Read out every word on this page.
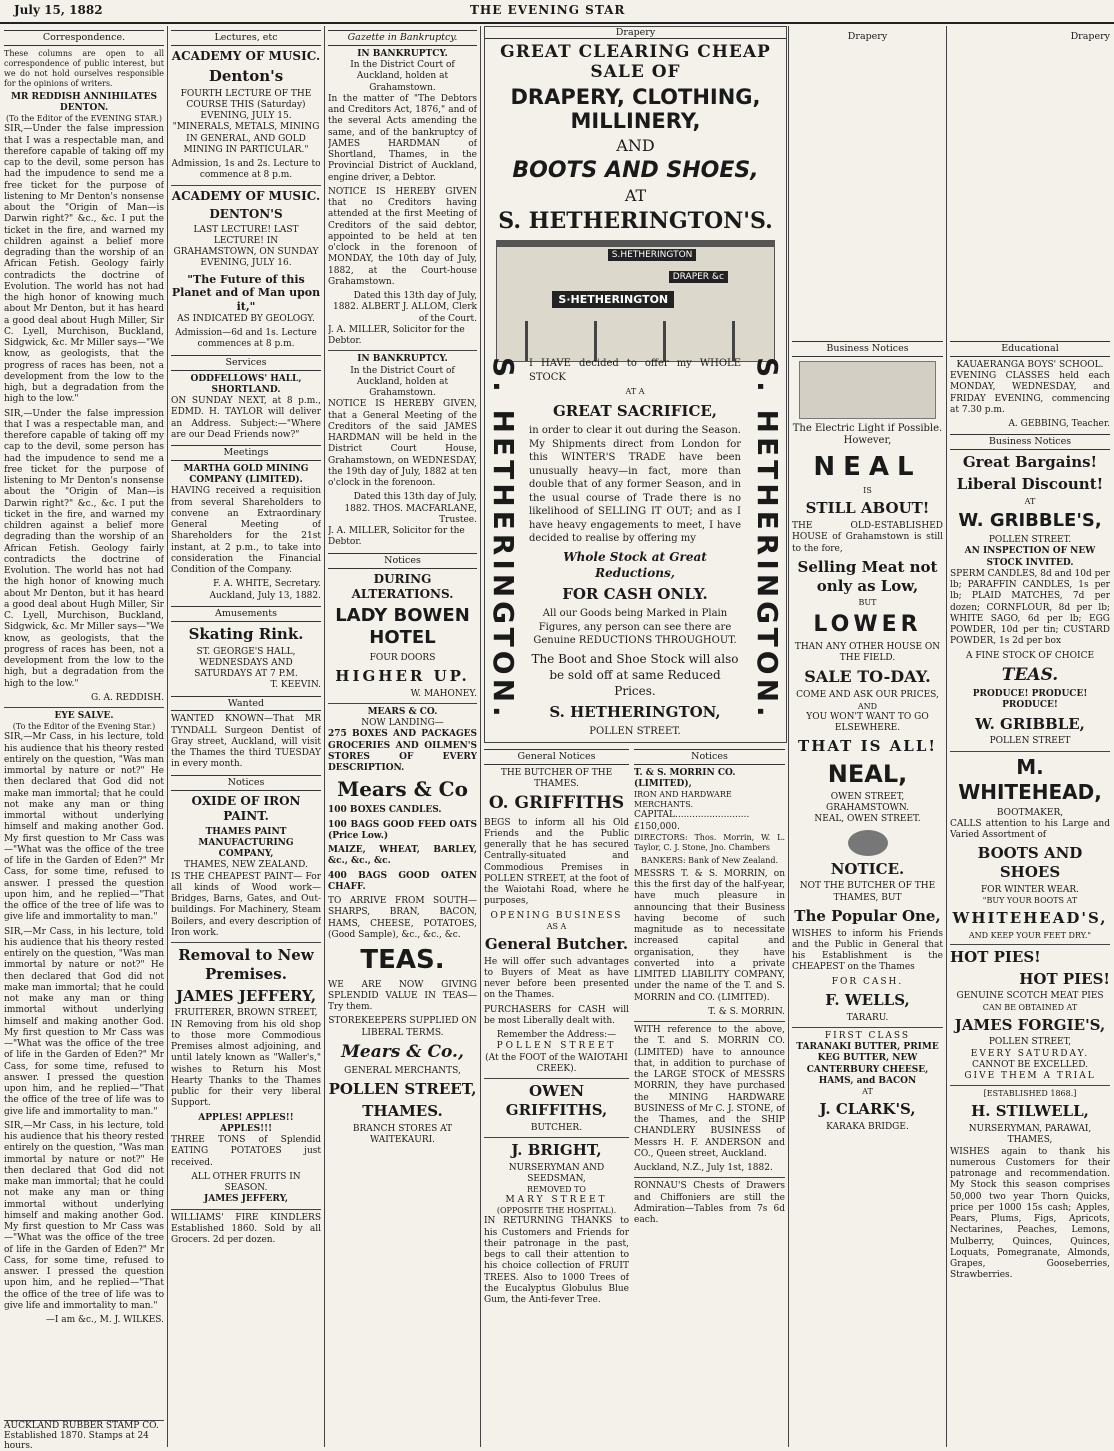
July 15, 1882	THE EVENING STAR
Correspondence.

These columns are open to all correspondence of public interest, but we do not hold ourselves responsible for the opinions of writers.

MR REDDISH ANNIHILATES DENTON.
(To the Editor of the EVENING STAR.)

SIR,—Under the false impression that I was a respectable man, and therefore capable of taking off my cap to the devil, some person has had the impudence to send me a free ticket for the purpose of listening to Mr Denton's nonsense about the "Origin of Man—is Darwin right?" &c., &c. I put the ticket in the fire, and warned my children against a belief more degrading than the worship of an African Fetish. Geology fairly contradicts the doctrine of Evolution. The world has not had the high honor of knowing much about Mr Denton, but it has heard a good deal about Hugh Miller, Sir C. Lyell, Murchison, Buckland, Sidgwick, &c. Mr Miller says—"We know, as geologists, that the progress of races has been, not a development from the low to the high, but a degradation from the high to the low."

SIR,—Under the false impression that I was a respectable man, and therefore capable of taking off my cap to the devil, some person has had the impudence to send me a free ticket for the purpose of listening to Mr Denton's nonsense about the "Origin of Man—is Darwin right?" &c., &c. I put the ticket in the fire, and warned my children against a belief more degrading than the worship of an African Fetish. Geology fairly contradicts the doctrine of Evolution. The world has not had the high honor of knowing much about Mr Denton, but it has heard a good deal about Hugh Miller, Sir C. Lyell, Murchison, Buckland, Sidgwick, &c. Mr Miller says—"We know, as geologists, that the progress of races has been, not a development from the low to the high, but a degradation from the high to the low."

G. A. REDDISH.
EYE SALVE.
(To the Editor of the Evening Star.)

SIR,—Mr Cass, in his lecture, told his audience that his theory rested entirely on the question, "Was man immortal by nature or not?" He then declared that God did not make man immortal; that he could not make any man or thing immortal without underlying himself and making another God. My first question to Mr Cass was—"What was the office of the tree of life in the Garden of Eden?" Mr Cass, for some time, refused to answer. I pressed the question upon him, and he replied—"That the office of the tree of life was to give life and immortality to man."

SIR,—Mr Cass, in his lecture, told his audience that his theory rested entirely on the question, "Was man immortal by nature or not?" He then declared that God did not make man immortal; that he could not make any man or thing immortal without underlying himself and making another God. My first question to Mr Cass was—"What was the office of the tree of life in the Garden of Eden?" Mr Cass, for some time, refused to answer. I pressed the question upon him, and he replied—"That the office of the tree of life was to give life and immortality to man."

SIR,—Mr Cass, in his lecture, told his audience that his theory rested entirely on the question, "Was man immortal by nature or not?" He then declared that God did not make man immortal; that he could not make any man or thing immortal without underlying himself and making another God. My first question to Mr Cass was—"What was the office of the tree of life in the Garden of Eden?" Mr Cass, for some time, refused to answer. I pressed the question upon him, and he replied—"That the office of the tree of life was to give life and immortality to man."

—I am &c., M. J. WILKES.
AUCKLAND RUBBER STAMP CO. Established 1870. Stamps at 24 hours.
Lectures, etc
ACADEMY OF MUSIC.
Denton's

FOURTH LECTURE OF THE COURSE THIS (Saturday) EVENING, JULY 15. "MINERALS, METALS, MINING IN GENERAL, AND GOLD MINING IN PARTICULAR."

Admission, 1s and 2s. Lecture to commence at 8 p.m.

ACADEMY OF MUSIC.
DENTON'S

LAST LECTURE! LAST LECTURE! IN GRAHAMSTOWN, ON SUNDAY EVENING, JULY 16.

"The Future of this Planet and of Man upon it,"

AS INDICATED BY GEOLOGY.

Admission—6d and 1s. Lecture commences at 8 p.m.

Services
ODDFELLOWS' HALL, SHORTLAND.

ON SUNDAY NEXT, at 8 p.m., EDMD. H. TAYLOR will deliver an Address. Subject:—"Where are our Dead Friends now?"

Meetings
MARTHA GOLD MINING COMPANY (LIMITED).

HAVING received a requisition from several Shareholders to convene an Extraordinary General Meeting of Shareholders for the 21st instant, at 2 p.m., to take into consideration the Financial Condition of the Company.

F. A. WHITE, Secretary. Auckland, July 13, 1882.
Amusements
Skating Rink.
ST. GEORGE'S HALL,
WEDNESDAYS AND SATURDAYS AT 7 P.M.
T. KEEVIN.
Wanted

WANTED KNOWN—That MR TYNDALL Surgeon Dentist of Gray street, Auckland, will visit the Thames the third TUESDAY in every month.

Notices
OXIDE OF IRON PAINT.
THAMES PAINT MANUFACTURING COMPANY,
THAMES, NEW ZEALAND.

IS THE CHEAPEST PAINT— For all kinds of Wood work—Bridges, Barns, Gates, and Out-buildings. For Machinery, Steam Boilers, and every description of Iron work.

Removal to New Premises.
JAMES JEFFERY,
FRUITERER, BROWN STREET,

IN Removing from his old shop to those more Commodious Premises almost adjoining, and until lately known as "Waller's," wishes to Return his Most Hearty Thanks to the Thames public for their very liberal Support.

APPLES! APPLES!! APPLES!!!

THREE TONS of Splendid EATING POTATOES just received.

ALL OTHER FRUITS IN SEASON.
JAMES JEFFERY,

WILLIAMS' FIRE KINDLERS Established 1860. Sold by all Grocers. 2d per dozen.

Gazette in Bankruptcy.
IN BANKRUPTCY.
In the District Court of Auckland, holden at Grahamstown.

In the matter of "The Debtors and Creditors Act, 1876," and of the several Acts amending the same, and of the bankruptcy of JAMES HARDMAN of Shortland, Thames, in the Provincial District of Auckland, engine driver, a Debtor.

NOTICE IS HEREBY GIVEN that no Creditors having attended at the first Meeting of Creditors of the said debtor, appointed to be held at ten o'clock in the forenoon of MONDAY, the 10th day of July, 1882, at the Court-house Grahamstown.

Dated this 13th day of July, 1882. ALBERT J. ALLOM, Clerk of the Court.
J. A. MILLER, Solicitor for the Debtor.
IN BANKRUPTCY.
In the District Court of Auckland, holden at Grahamstown.

NOTICE IS HEREBY GIVEN, that a General Meeting of the Creditors of the said JAMES HARDMAN will be held in the District Court House, Grahamstown, on WEDNESDAY, the 19th day of July, 1882 at ten o'clock in the forenoon.

Dated this 13th day of July, 1882. THOS. MACFARLANE, Trustee.
J. A. MILLER, Solicitor for the Debtor.
Notices
DURING ALTERATIONS.
LADY BOWEN HOTEL
FOUR DOORS
HIGHER UP.
W. MAHONEY.
MEARS & CO.
NOW LANDING—

275 BOXES AND PACKAGES GROCERIES AND OILMEN'S STORES OF EVERY DESCRIPTION.

Mears & Co

100 BOXES CANDLES.

100 BAGS GOOD FEED OATS (Price Low.)

MAIZE, WHEAT, BARLEY, &c., &c., &c.

400 BAGS GOOD OATEN CHAFF.

TO ARRIVE FROM SOUTH—SHARPS, BRAN, BACON, HAMS, CHEESE, POTATOES, (Good Sample), &c., &c., &c.

TEAS.

WE ARE NOW GIVING SPLENDID VALUE IN TEAS—Try them.

STOREKEEPERS SUPPLIED ON LIBERAL TERMS.
Mears & Co.,
GENERAL MERCHANTS,
POLLEN STREET,
THAMES.
BRANCH STORES AT WAITEKAURI.
Drapery
GREAT CLEARING CHEAP SALE OF
DRAPERY, CLOTHING, MILLINERY,
AND
BOOTS AND SHOES,
AT
S. HETHERINGTON'S.
S.HETHERINGTON
S·HETHERINGTON
DRAPER &c
S. HETHERINGTON.	S. HETHERINGTON.

I HAVE decided to offer my WHOLE STOCK

AT A
GREAT SACRIFICE,

in order to clear it out during the Season. My Shipments direct from London for this WINTER'S TRADE have been unusually heavy—in fact, more than double that of any former Season, and in the usual course of Trade there is no likelihood of SELLING IT OUT; and as I have heavy engagements to meet, I have decided to realise by offering my

Whole Stock at Great Reductions,
FOR CASH ONLY.

All our Goods being Marked in Plain Figures, any person can see there are Genuine REDUCTIONS THROUGHOUT.

The Boot and Shoe Stock will also be sold off at same Reduced Prices.

S. HETHERINGTON,
POLLEN STREET.
General Notices
THE BUTCHER OF THE THAMES.
O. GRIFFITHS

BEGS to inform all his Old Friends and the Public generally that he has secured Centrally-situated and Commodious Premises in POLLEN STREET, at the foot of the Waiotahi Road, where he purposes,

OPENING BUSINESS
AS A
General Butcher.

He will offer such advantages to Buyers of Meat as have never before been presented on the Thames.

PURCHASERS for CASH will be most Liberally dealt with.

Remember the Address:—
POLLEN STREET
(At the FOOT of the WAIOTAHI CREEK).
OWEN GRIFFITHS,
BUTCHER.
J. BRIGHT,
NURSERYMAN AND SEEDSMAN,
REMOVED TO
MARY STREET
(OPPOSITE THE HOSPITAL).

IN RETURNING THANKS to his Customers and Friends for their patronage in the past, begs to call their attention to his choice collection of FRUIT TREES. Also to 1000 Trees of the Eucalyptus Globulus Blue Gum, the Anti-fever Tree.

Notices
T. & S. MORRIN CO. (LIMITED),
IRON AND HARDWARE MERCHANTS.
CAPITAL..........................£150,000.

DIRECTORS: Thos. Morrin, W. L. Taylor, C. J. Stone, Jno. Chambers

BANKERS: Bank of New Zealand.

MESSRS T. & S. MORRIN, on this the first day of the half-year, have much pleasure in announcing that their Business having become of such magnitude as to necessitate increased capital and organisation, they have converted into a private LIMITED LIABILITY COMPANY, under the name of the T. and S. MORRIN and CO. (LIMITED).

T. & S. MORRIN.

WITH reference to the above, the T. and S. MORRIN CO. (LIMITED) have to announce that, in addition to purchase of the LARGE STOCK of MESSRS MORRIN, they have purchased the MINING HARDWARE BUSINESS of Mr C. J. STONE, of the Thames, and the SHIP CHANDLERY BUSINESS of Messrs H. F. ANDERSON and CO., Queen street, Auckland.

Auckland, N.Z., July 1st, 1882.

RONNAU'S Chests of Drawers and Chiffoniers are still the Admiration—Tables from 7s 6d each.

Drapery
Business Notices
The Electric Light if Possible.
However,
NEAL
IS
STILL ABOUT!

THE OLD-ESTABLISHED HOUSE of Grahamstown is still to the fore,

Selling Meat not only as Low,
BUT
LOWER
THAN ANY OTHER HOUSE ON THE FIELD.
SALE TO-DAY.
COME AND ASK OUR PRICES,
AND
YOU WON'T WANT TO GO ELSEWHERE.
THAT IS ALL!
NEAL,
OWEN STREET, GRAHAMSTOWN.
NEAL, OWEN STREET.
NOTICE.
NOT THE BUTCHER OF THE THAMES, BUT
The Popular One,

WISHES to inform his Friends and the Public in General that his Establishment is the CHEAPEST on the Thames

FOR CASH.
F. WELLS,
TARARU.
FIRST CLASS
TARANAKI BUTTER, PRIME KEG BUTTER, NEW CANTERBURY CHEESE, HAMS, and BACON
AT
J. CLARK'S,
KARAKA BRIDGE.
Drapery
Educational
KAUAERANGA BOYS' SCHOOL.

EVENING CLASSES held each MONDAY, WEDNESDAY, and FRIDAY EVENING, commencing at 7.30 p.m.

A. GEBBING, Teacher.
Business Notices
Great Bargains!
Liberal Discount!
AT
W. GRIBBLE'S,
POLLEN STREET.
AN INSPECTION OF NEW STOCK INVITED.

SPERM CANDLES, 8d and 10d per lb; PARAFFIN CANDLES, 1s per lb; PLAID MATCHES, 7d per dozen; CORNFLOUR, 8d per lb; WHITE SAGO, 6d per lb; EGG POWDER, 10d per tin; CUSTARD POWDER, 1s 2d per box

A FINE STOCK OF CHOICE
TEAS.
PRODUCE! PRODUCE! PRODUCE!
W. GRIBBLE,
POLLEN STREET
M. WHITEHEAD,
BOOTMAKER,

CALLS attention to his Large and Varied Assortment of

BOOTS AND SHOES
FOR WINTER WEAR.
"BUY YOUR BOOTS AT
WHITEHEAD'S,
AND KEEP YOUR FEET DRY."
HOT PIES!
HOT PIES!
GENUINE SCOTCH MEAT PIES
CAN BE OBTAINED AT
JAMES FORGIE'S,
POLLEN STREET,
EVERY SATURDAY.
CANNOT BE EXCELLED.
GIVE THEM A TRIAL
[ESTABLISHED 1868.]
H. STILWELL,
NURSERYMAN, PARAWAI, THAMES,

WISHES again to thank his numerous Customers for their patronage and recommendation. My Stock this season comprises 50,000 two year Thorn Quicks, price per 1000 15s cash; Apples, Pears, Plums, Figs, Apricots, Nectarines, Peaches, Lemons, Mulberry, Quinces, Quinces, Loquats, Pomegranate, Almonds, Grapes, Gooseberries, Strawberries.
